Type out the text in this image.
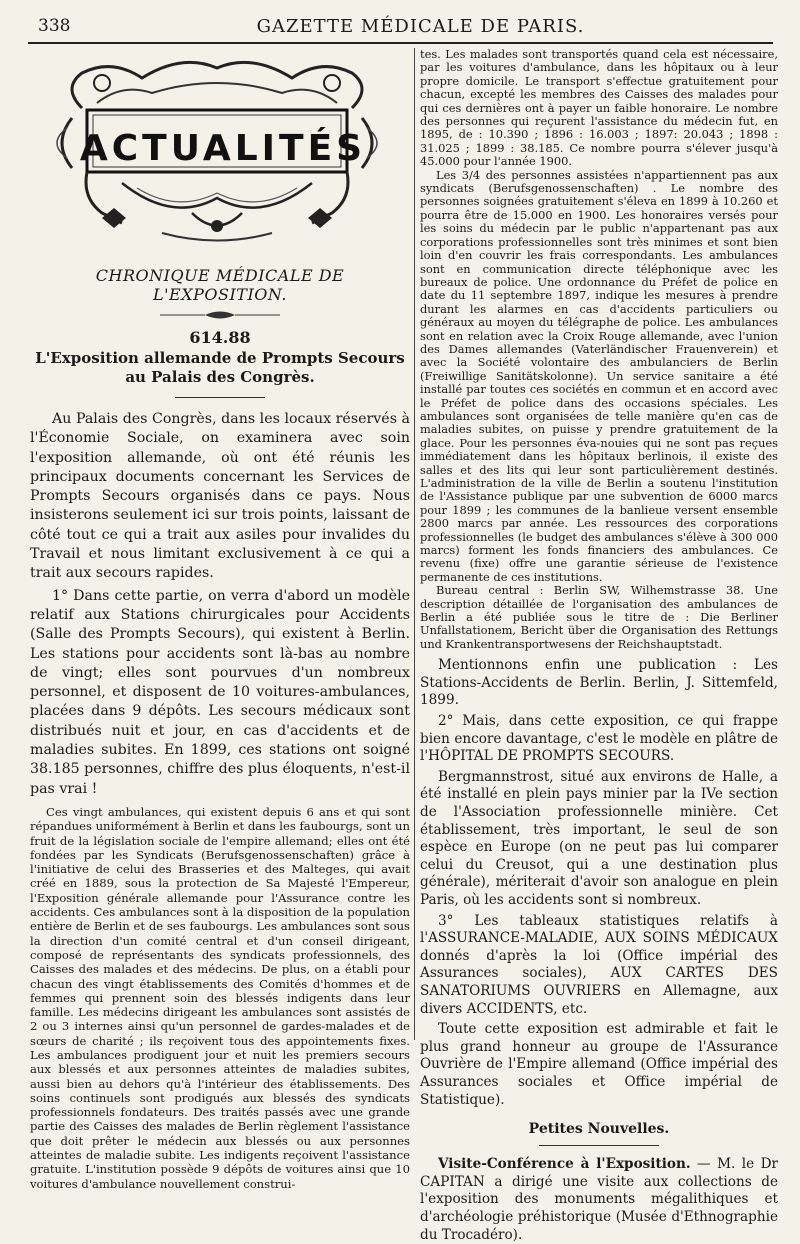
338	GAZETTE MÉDICALE DE PARIS.
ACTUALITÉS
CHRONIQUE MÉDICALE DE L'EXPOSITION.
614.88
L'Exposition allemande de Prompts Secours
au Palais des Congrès.

Au Palais des Congrès, dans les locaux réservés à l'Économie Sociale, on examinera avec soin l'exposition allemande, où ont été réunis les principaux documents concernant les Services de Prompts Secours organisés dans ce pays. Nous insisterons seulement ici sur trois points, laissant de côté tout ce qui a trait aux asiles pour invalides du Travail et nous limitant exclusivement à ce qui a trait aux secours rapides.

1° Dans cette partie, on verra d'abord un modèle relatif aux Stations chirurgicales pour Accidents (Salle des Prompts Secours), qui existent à Berlin. Les stations pour accidents sont là-bas au nombre de vingt; elles sont pourvues d'un nombreux personnel, et disposent de 10 voitures-ambulances, placées dans 9 dépôts. Les secours médicaux sont distribués nuit et jour, en cas d'accidents et de maladies subites. En 1899, ces stations ont soigné 38.185 personnes, chiffre des plus éloquents, n'est-il pas vrai !

Ces vingt ambulances, qui existent depuis 6 ans et qui sont répandues uniformément à Berlin et dans les faubourgs, sont un fruit de la législation sociale de l'empire allemand; elles ont été fondées par les Syndicats (Berufsgenossenschaften) grâce à l'initiative de celui des Brasseries et des Malteges, qui avait créé en 1889, sous la protection de Sa Majesté l'Empereur, l'Exposition générale allemande pour l'Assurance contre les accidents. Ces ambulances sont à la disposition de la population entière de Berlin et de ses faubourgs. Les ambulances sont sous la direction d'un comité central et d'un conseil dirigeant, composé de représentants des syndicats professionnels, des Caisses des malades et des médecins. De plus, on a établi pour chacun des vingt établissements des Comités d'hommes et de femmes qui prennent soin des blessés indigents dans leur famille. Les médecins dirigeant les ambulances sont assistés de 2 ou 3 internes ainsi qu'un personnel de gardes-malades et de sœurs de charité ; ils reçoivent tous des appointements fixes. Les ambulances prodiguent jour et nuit les premiers secours aux blessés et aux personnes atteintes de maladies subites, aussi bien au dehors qu'à l'intérieur des établissements. Des soins continuels sont prodigués aux blessés des syndicats professionnels fondateurs. Des traités passés avec une grande partie des Caisses des malades de Berlin règlement l'assistance que doit prêter le médecin aux blessés ou aux personnes atteintes de maladie subite. Les indigents reçoivent l'assistance gratuite. L'institution possède 9 dépôts de voitures ainsi que 10 voitures d'ambulance nouvellement construi-

tes. Les malades sont transportés quand cela est nécessaire, par les voitures d'ambulance, dans les hôpitaux ou à leur propre domicile. Le transport s'effectue gratuitement pour chacun, excepté les membres des Caisses des malades pour qui ces dernières ont à payer un faible honoraire. Le nombre des personnes qui reçurent l'assistance du médecin fut, en 1895, de : 10.390 ; 1896 : 16.003 ; 1897: 20.043 ; 1898 : 31.025 ; 1899 : 38.185. Ce nombre pourra s'élever jusqu'à 45.000 pour l'année 1900.

Les 3/4 des personnes assistées n'appartiennent pas aux syndicats (Berufsgenossenschaften) . Le nombre des personnes soignées gratuitement s'éleva en 1899 à 10.260 et pourra être de 15.000 en 1900. Les honoraires versés pour les soins du médecin par le public n'appartenant pas aux corporations professionnelles sont très minimes et sont bien loin d'en couvrir les frais correspondants. Les ambulances sont en communication directe téléphonique avec les bureaux de police. Une ordonnance du Préfet de police en date du 11 septembre 1897, indique les mesures à prendre durant les alarmes en cas d'accidents particuliers ou généraux au moyen du télégraphe de police. Les ambulances sont en relation avec la Croix Rouge allemande, avec l'union des Dames allemandes (Vaterländischer Frauenverein) et avec la Société volontaire des ambulanciers de Berlin (Freiwillige Sanitätskolonne). Un service sanitaire a été installé par toutes ces sociétés en commun et en accord avec le Préfet de police dans des occasions spéciales. Les ambulances sont organisées de telle manière qu'en cas de maladies subites, on puisse y prendre gratuitement de la glace. Pour les personnes éva-nouies qui ne sont pas reçues immédiatement dans les hôpitaux berlinois, il existe des salles et des lits qui leur sont particulièrement destinés. L'administration de la ville de Berlin a soutenu l'institution de l'Assistance publique par une subvention de 6000 marcs pour 1899 ; les communes de la banlieue versent ensemble 2800 marcs par année. Les ressources des corporations professionnelles (le budget des ambulances s'élève à 300 000 marcs) forment les fonds financiers des ambulances. Ce revenu (fixe) offre une garantie sérieuse de l'existence permanente de ces institutions.

Bureau central : Berlin SW, Wilhemstrasse 38. Une description détaillée de l'organisation des ambulances de Berlin a été publiée sous le titre de : Die Berliner Unfallstationem, Bericht über die Organisation des Rettungs und Krankentransportwesens der Reichshauptstadt.

Mentionnons enfin une publication : Les Stations-Accidents de Berlin. Berlin, J. Sittemfeld, 1899.

2° Mais, dans cette exposition, ce qui frappe bien encore davantage, c'est le modèle en plâtre de l'HÔPITAL DE PROMPTS SECOURS.

Bergmannstrost, situé aux environs de Halle, a été installé en plein pays minier par la IVe section de l'Association professionnelle minière. Cet établissement, très important, le seul de son espèce en Europe (on ne peut pas lui comparer celui du Creusot, qui a une destination plus générale), mériterait d'avoir son analogue en plein Paris, où les accidents sont si nombreux.

3° Les tableaux statistiques relatifs à l'ASSURANCE-MALADIE, AUX SOINS MÉDICAUX donnés d'après la loi (Office impérial des Assurances sociales), AUX CARTES DES SANATORIUMS OUVRIERS en Allemagne, aux divers ACCIDENTS, etc.

Toute cette exposition est admirable et fait le plus grand honneur au groupe de l'Assurance Ouvrière de l'Empire allemand (Office impérial des Assurances sociales et Office impérial de Statistique).

Petites Nouvelles.

Visite-Conférence à l'Exposition. — M. le Dr CAPITAN a dirigé une visite aux collections de l'exposition des monuments mégalithiques et d'archéologie préhistorique (Musée d'Ethnographie du Trocadéro).
